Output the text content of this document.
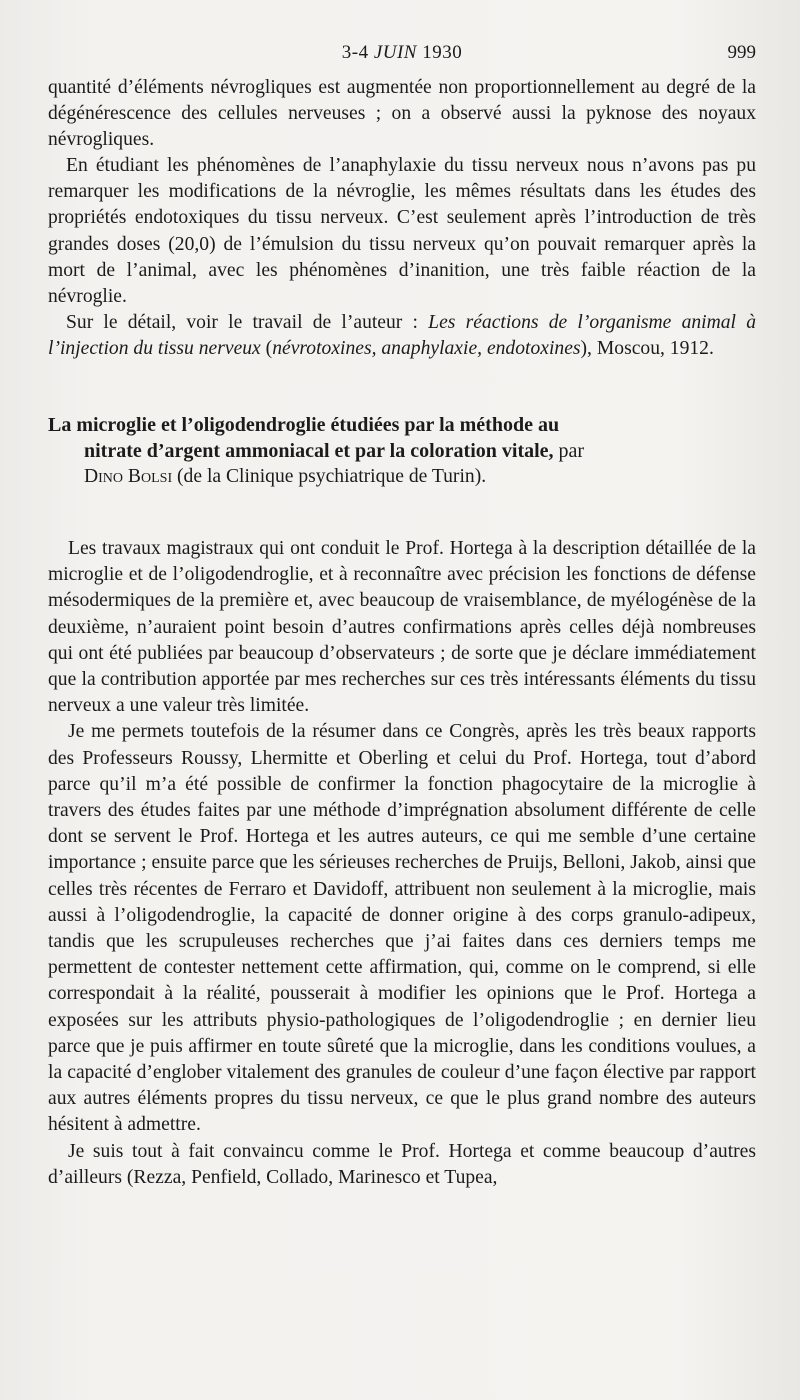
3-4 JUIN 1930	999

quantité d’éléments névrogliques est augmentée non proportionnellement au degré de la dégénérescence des cellules nerveuses ; on a observé aussi la pyknose des noyaux névrogliques.

En étudiant les phénomènes de l’anaphylaxie du tissu nerveux nous n’avons pas pu remarquer les modifications de la névroglie, les mêmes résultats dans les études des propriétés endotoxiques du tissu nerveux. C’est seulement après l’introduction de très grandes doses (20,0) de l’émulsion du tissu nerveux qu’on pouvait remarquer après la mort de l’animal, avec les phénomènes d’inanition, une très faible réaction de la névroglie.

Sur le détail, voir le travail de l’auteur : Les réactions de l’organisme animal à l’injection du tissu nerveux (névrotoxines, anaphylaxie, endotoxines), Moscou, 1912.

La microglie et l’oligodendroglie étudiées par la méthode au

nitrate d’argent ammoniacal et par la coloration vitale, par

Dino Bolsi (de la Clinique psychiatrique de Turin).

Les travaux magistraux qui ont conduit le Prof. Hortega à la description détaillée de la microglie et de l’oligodendroglie, et à reconnaître avec précision les fonctions de défense mésodermiques de la première et, avec beaucoup de vraisemblance, de myélogénèse de la deuxième, n’auraient point besoin d’autres confirmations après celles déjà nombreuses qui ont été publiées par beaucoup d’observateurs ; de sorte que je déclare immédiatement que la contribution apportée par mes recherches sur ces très intéressants éléments du tissu nerveux a une valeur très limitée.

Je me permets toutefois de la résumer dans ce Congrès, après les très beaux rapports des Professeurs Roussy, Lhermitte et Oberling et celui du Prof. Hortega, tout d’abord parce qu’il m’a été possible de confirmer la fonction phagocytaire de la microglie à travers des études faites par une méthode d’imprégnation absolument différente de celle dont se servent le Prof. Hortega et les autres auteurs, ce qui me semble d’une certaine importance ; ensuite parce que les sérieuses recherches de Pruijs, Belloni, Jakob, ainsi que celles très récentes de Ferraro et Davidoff, attribuent non seulement à la microglie, mais aussi à l’oligodendroglie, la capacité de donner origine à des corps granulo-adipeux, tandis que les scrupuleuses recherches que j’ai faites dans ces derniers temps me permettent de contester nettement cette affirmation, qui, comme on le comprend, si elle correspondait à la réalité, pousserait à modifier les opinions que le Prof. Hortega a exposées sur les attributs physio-pathologiques de l’oligodendroglie ; en dernier lieu parce que je puis affirmer en toute sûreté que la microglie, dans les conditions voulues, a la capacité d’englober vitalement des granules de couleur d’une façon élective par rapport aux autres éléments propres du tissu nerveux, ce que le plus grand nombre des auteurs hésitent à admettre.

Je suis tout à fait convaincu comme le Prof. Hortega et comme beaucoup d’autres d’ailleurs (Rezza, Penfield, Collado, Marinesco et Tupea,
